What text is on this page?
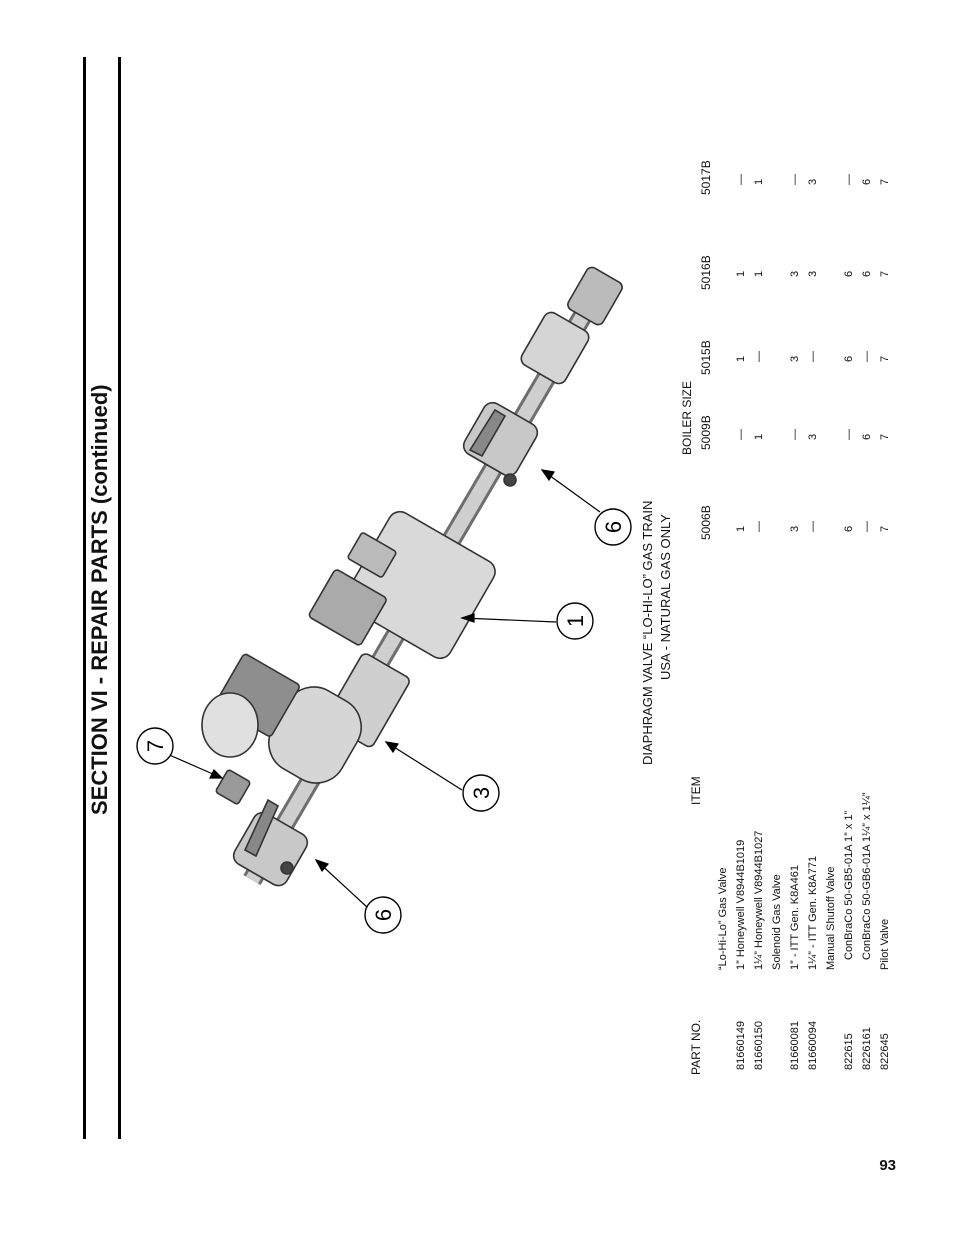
6
3
1
6
7
SECTION VI - REPAIR PARTS (continued)	DIAPHRAGM VALVE “LO-HI-LO” GAS TRAIN USA - NATURAL GAS ONLY
BOILER SIZE
PART NO.
ITEM
5006B
5009B
5015B
5016B
5017B
“Lo-Hi-Lo” Gas Valve
81660149
1” Honeywell V8944B1019
1
—
1
1
—
81660150
1¼” Honeywell V8944B1027
—
1
—
1
1
Solenoid Gas Valve
81660081
1” - ITT Gen. K8A461
3
—
3
3
—
81660094
1¼” - ITT Gen. K8A771
—
3
—
3
3
Manual Shutoff Valve
822615
ConBraCo 50-GB5-01A 1” x 1”
6
—
6
6
—
8226161
ConBraCo 50-GB6-01A 1¼” x 1¼”
—
6
—
6
6
822645
Pilot Valve
7
7
7
7
7
93
